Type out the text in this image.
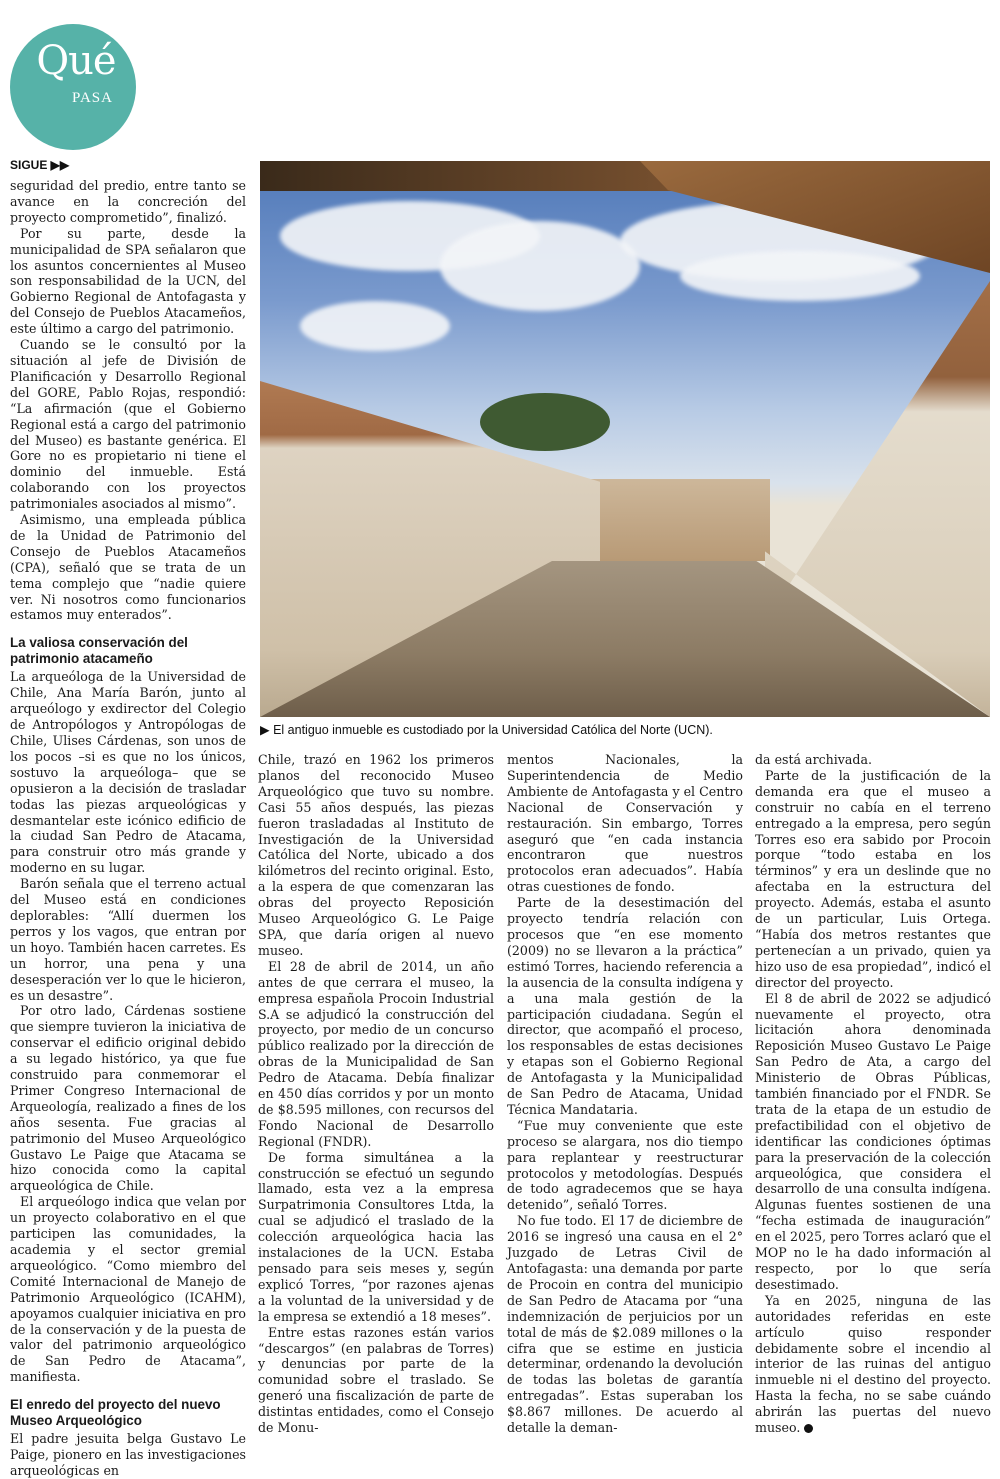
Qué
PASA
SIGUE ▶▶
▶ El antiguo inmueble es custodiado por la Universidad Católica del Norte (UCN).

seguridad del predio, entre tanto se avance en la concreción del proyecto comprometido”, finalizó.

Por su parte, desde la municipalidad de SPA señalaron que los asuntos concernientes al Museo son responsabilidad de la UCN, del Gobierno Regional de Antofagasta y del Consejo de Pueblos Atacameños, este último a cargo del patrimonio.

Cuando se le consultó por la situación al jefe de División de Planificación y Desarrollo Regional del GORE, Pablo Rojas, respondió: “La afirmación (que el Gobierno Regional está a cargo del patrimonio del Museo) es bastante genérica. El Gore no es propietario ni tiene el dominio del inmueble. Está colaborando con los proyectos patrimoniales asociados al mismo”.

Asimismo, una empleada pública de la Unidad de Patrimonio del Consejo de Pueblos Atacameños (CPA), señaló que se trata de un tema complejo que “nadie quiere ver. Ni nosotros como funcionarios estamos muy enterados”.

La valiosa conservación del patrimonio atacameño

La arqueóloga de la Universidad de Chile, Ana María Barón, junto al arqueólogo y exdirector del Colegio de Antropólogos y Antropólogas de Chile, Ulises Cárdenas, son unos de los pocos –si es que no los únicos, sostuvo la arqueóloga– que se opusieron a la decisión de trasladar todas las piezas arqueológicas y desmantelar este icónico edificio de la ciudad San Pedro de Atacama, para construir otro más grande y moderno en su lugar.

Barón señala que el terreno actual del Museo está en condiciones deplorables: “Allí duermen los perros y los vagos, que entran por un hoyo. También hacen carretes. Es un horror, una pena y una desesperación ver lo que le hicieron, es un desastre”.

Por otro lado, Cárdenas sostiene que siempre tuvieron la iniciativa de conservar el edificio original debido a su legado histórico, ya que fue construido para conmemorar el Primer Congreso Internacional de Arqueología, realizado a fines de los años sesenta. Fue gracias al patrimonio del Museo Arqueológico Gustavo Le Paige que Atacama se hizo conocida como la capital arqueológica de Chile.

El arqueólogo indica que velan por un proyecto colaborativo en el que participen las comunidades, la academia y el sector gremial arqueológico. “Como miembro del Comité Internacional de Manejo de Patrimonio Arqueológico (ICAHM), apoyamos cualquier iniciativa en pro de la conservación y de la puesta de valor del patrimonio arqueológico de San Pedro de Atacama”, manifiesta.

El enredo del proyecto del nuevo Museo Arqueológico

El padre jesuita belga Gustavo Le Paige, pionero en las investigaciones arqueológicas en

Chile, trazó en 1962 los primeros planos del reconocido Museo Arqueológico que tuvo su nombre. Casi 55 años después, las piezas fueron trasladadas al Instituto de Investigación de la Universidad Católica del Norte, ubicado a dos kilómetros del recinto original. Esto, a la espera de que comenzaran las obras del proyecto Reposición Museo Arqueológico G. Le Paige SPA, que daría origen al nuevo museo.

El 28 de abril de 2014, un año antes de que cerrara el museo, la empresa española Procoin Industrial S.A se adjudicó la construcción del proyecto, por medio de un concurso público realizado por la dirección de obras de la Municipalidad de San Pedro de Atacama. Debía finalizar en 450 días corridos y por un monto de $8.595 millones, con recursos del Fondo Nacional de Desarrollo Regional (FNDR).

De forma simultánea a la construcción se efectuó un segundo llamado, esta vez a la empresa Surpatrimonia Consultores Ltda, la cual se adjudicó el traslado de la colección arqueológica hacia las instalaciones de la UCN. Estaba pensado para seis meses y, según explicó Torres, “por razones ajenas a la voluntad de la universidad y de la empresa se extendió a 18 meses”.

Entre estas razones están varios “descargos” (en palabras de Torres) y denuncias por parte de la comunidad sobre el traslado. Se generó una fiscalización de parte de distintas entidades, como el Consejo de Monu-

mentos Nacionales, la Superintendencia de Medio Ambiente de Antofagasta y el Centro Nacional de Conservación y restauración. Sin embargo, Torres aseguró que “en cada instancia encontraron que nuestros protocolos eran adecuados”. Había otras cuestiones de fondo.

Parte de la desestimación del proyecto tendría relación con procesos que “en ese momento (2009) no se llevaron a la práctica” estimó Torres, haciendo referencia a la ausencia de la consulta indígena y a una mala gestión de la participación ciudadana. Según el director, que acompañó el proceso, los responsables de estas decisiones y etapas son el Gobierno Regional de Antofagasta y la Municipalidad de San Pedro de Atacama, Unidad Técnica Mandataria.

“Fue muy conveniente que este proceso se alargara, nos dio tiempo para replantear y reestructurar protocolos y metodologías. Después de todo agradecemos que se haya detenido”, señaló Torres.

No fue todo. El 17 de diciembre de 2016 se ingresó una causa en el 2° Juzgado de Letras Civil de Antofagasta: una demanda por parte de Procoin en contra del municipio de San Pedro de Atacama por “una indemnización de perjuicios por un total de más de $2.089 millones o la cifra que se estime en justicia determinar, ordenando la devolución de todas las boletas de garantía entregadas”. Estas superaban los $8.867 millones. De acuerdo al detalle la deman-

da está archivada.

Parte de la justificación de la demanda era que el museo a construir no cabía en el terreno entregado a la empresa, pero según Torres eso era sabido por Procoin porque “todo estaba en los términos” y era un deslinde que no afectaba en la estructura del proyecto. Además, estaba el asunto de un particular, Luis Ortega. “Había dos metros restantes que pertenecían a un privado, quien ya hizo uso de esa propiedad”, indicó el director del proyecto.

El 8 de abril de 2022 se adjudicó nuevamente el proyecto, otra licitación ahora denominada Reposición Museo Gustavo Le Paige San Pedro de Ata, a cargo del Ministerio de Obras Públicas, también financiado por el FNDR. Se trata de la etapa de un estudio de prefactibilidad con el objetivo de identificar las condiciones óptimas para la preservación de la colección arqueológica, que considera el desarrollo de una consulta indígena. Algunas fuentes sostienen de una “fecha estimada de inauguración” en el 2025, pero Torres aclaró que el MOP no le ha dado información al respecto, por lo que sería desestimado.

Ya en 2025, ninguna de las autoridades referidas en este artículo quiso responder debidamente sobre el incendio al interior de las ruinas del antiguo inmueble ni el destino del proyecto. Hasta la fecha, no se sabe cuándo abrirán las puertas del nuevo museo.
